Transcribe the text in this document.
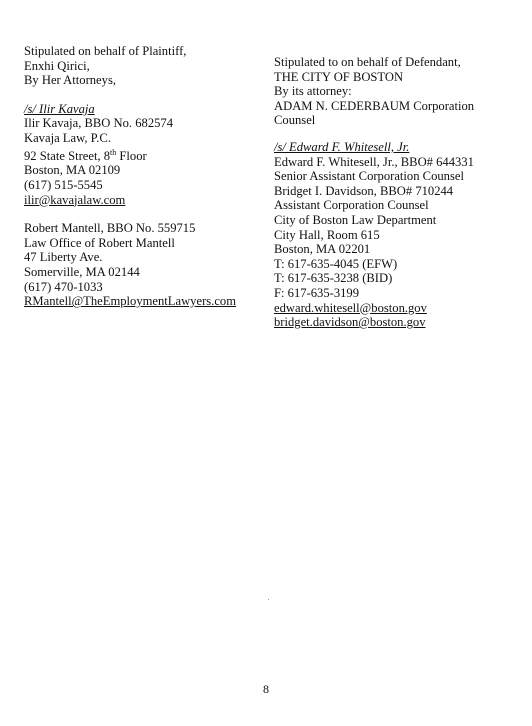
Stipulated on behalf of Plaintiff,
Enxhi Qirici,
By Her Attorneys,
/s/ Ilir Kavaja
Ilir Kavaja, BBO No. 682574
Kavaja Law, P.C.
92 State Street, 8th Floor
Boston, MA 02109
(617) 515-5545
ilir@kavajalaw.com
Robert Mantell, BBO No. 559715
Law Office of Robert Mantell
47 Liberty Ave.
Somerville, MA 02144
(617) 470-1033
RMantell@TheEmploymentLawyers.com
Stipulated to on behalf of Defendant,
THE CITY OF BOSTON
By its attorney:
ADAM N. CEDERBAUM Corporation
Counsel
/s/ Edward F. Whitesell, Jr.
Edward F. Whitesell, Jr., BBO# 644331
Senior Assistant Corporation Counsel
Bridget I. Davidson, BBO# 710244
Assistant Corporation Counsel
City of Boston Law Department
City Hall, Room 615
Boston, MA 02201
T: 617-635-4045 (EFW)
T: 617-635-3238 (BID)
F: 617-635-3199
edward.whitesell@boston.gov
bridget.davidson@boston.gov
8
